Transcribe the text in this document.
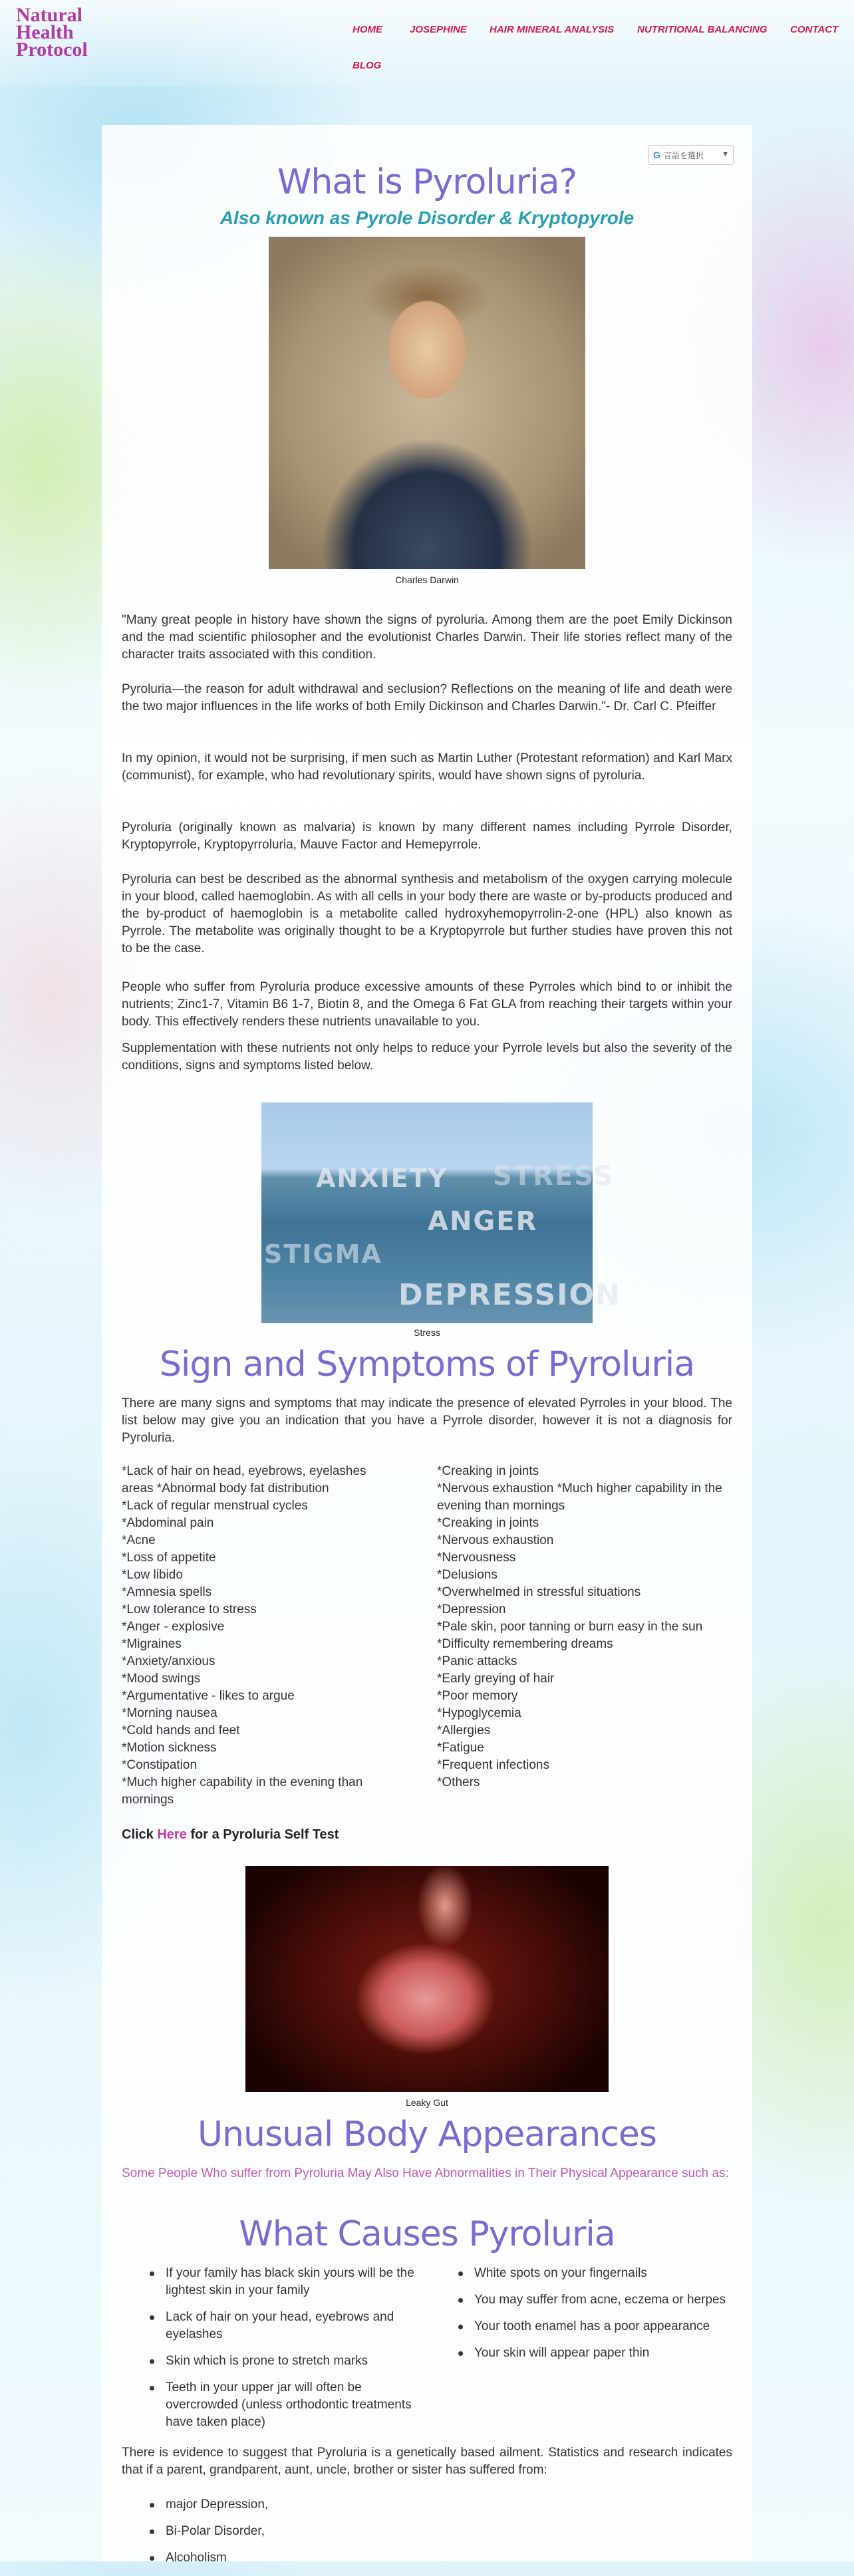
Natural
Health
Protocol
HOME	JOSEPHINE HAIR MINERAL ANALYSIS NUTRITIONAL BALANCING CONTACT
BLOG
G 言語を選択 ▼
What is Pyroluria?
Also known as Pyrole Disorder & Kryptopyrole
Charles Darwin

"Many great people in history have shown the signs of pyroluria. Among them are the poet Emily Dickinson and the mad scientific philosopher and the evolutionist Charles Darwin. Their life stories reflect many of the character traits associated with this condition.

Pyroluria—the reason for adult withdrawal and seclusion? Reflections on the meaning of life and death were the two major influences in the life works of both Emily Dickinson and Charles Darwin."- Dr. Carl C. Pfeiffer

In my opinion, it would not be surprising, if men such as Martin Luther (Protestant reformation) and Karl Marx (communist), for example, who had revolutionary spirits, would have shown signs of pyroluria.

Pyroluria (originally known as malvaria) is known by many different names including Pyrrole Disorder, Kryptopyrrole, Kryptopyrroluria, Mauve Factor and Hemepyrrole.

Pyroluria can best be described as the abnormal synthesis and metabolism of the oxygen carrying molecule in your blood, called haemoglobin. As with all cells in your body there are waste or by-products produced and the by-product of haemoglobin is a metabolite called hydroxyhemopyrrolin-2-one (HPL) also known as Pyrrole. The metabolite was originally thought to be a Kryptopyrrole but further studies have proven this not to be the case.

People who suffer from Pyroluria produce excessive amounts of these Pyrroles which bind to or inhibit the nutrients; Zinc1-7, Vitamin B6 1-7, Biotin 8, and the Omega 6 Fat GLA from reaching their targets within your body. This effectively renders these nutrients unavailable to you.

Supplementation with these nutrients not only helps to reduce your Pyrrole levels but also the severity of the conditions, signs and symptoms listed below.

ANXIETY STRESS
ANGER
STIGMA
DEPRESSION
Stress
Sign and Symptoms of Pyroluria

There are many signs and symptoms that may indicate the presence of elevated Pyrroles in your blood. The list below may give you an indication that you have a Pyrrole disorder, however it is not a diagnosis for Pyroluria.

*Lack of hair on head, eyebrows, eyelashes areas *Abnormal body fat distribution
*Lack of regular menstrual cycles
*Abdominal pain
*Acne
*Loss of appetite
*Low libido
*Amnesia spells
*Low tolerance to stress
*Anger - explosive
*Migraines
*Anxiety/anxious
*Mood swings
*Argumentative - likes to argue
*Morning nausea
*Cold hands and feet
*Motion sickness
*Constipation
*Much higher capability in the evening than mornings
*Creaking in joints
*Nervous exhaustion *Much higher capability in the evening than mornings
*Creaking in joints
*Nervous exhaustion
*Nervousness
*Delusions
*Overwhelmed in stressful situations
*Depression
*Pale skin, poor tanning or burn easy in the sun
*Difficulty remembering dreams
*Panic attacks
*Early greying of hair
*Poor memory
*Hypoglycemia
*Allergies
*Fatigue
*Frequent infections
*Others
Click Here for a Pyroluria Self Test
Leaky Gut
Unusual Body Appearances

Some People Who suffer from Pyroluria May Also Have Abnormalities in Their Physical Appearance such as:

What Causes Pyroluria
If your family has black skin yours will be the lightest skin in your family
Lack of hair on your head, eyebrows and eyelashes
Skin which is prone to stretch marks
Teeth in your upper jar will often be overcrowded (unless orthodontic treatments have taken place)
White spots on your fingernails
You may suffer from acne, eczema or herpes
Your tooth enamel has a poor appearance
Your skin will appear paper thin

There is evidence to suggest that Pyroluria is a genetically based ailment. Statistics and research indicates that if a parent, grandparent, aunt, uncle, brother or sister has suffered from:

major Depression,
Bi-Polar Disorder,
Alcoholism
